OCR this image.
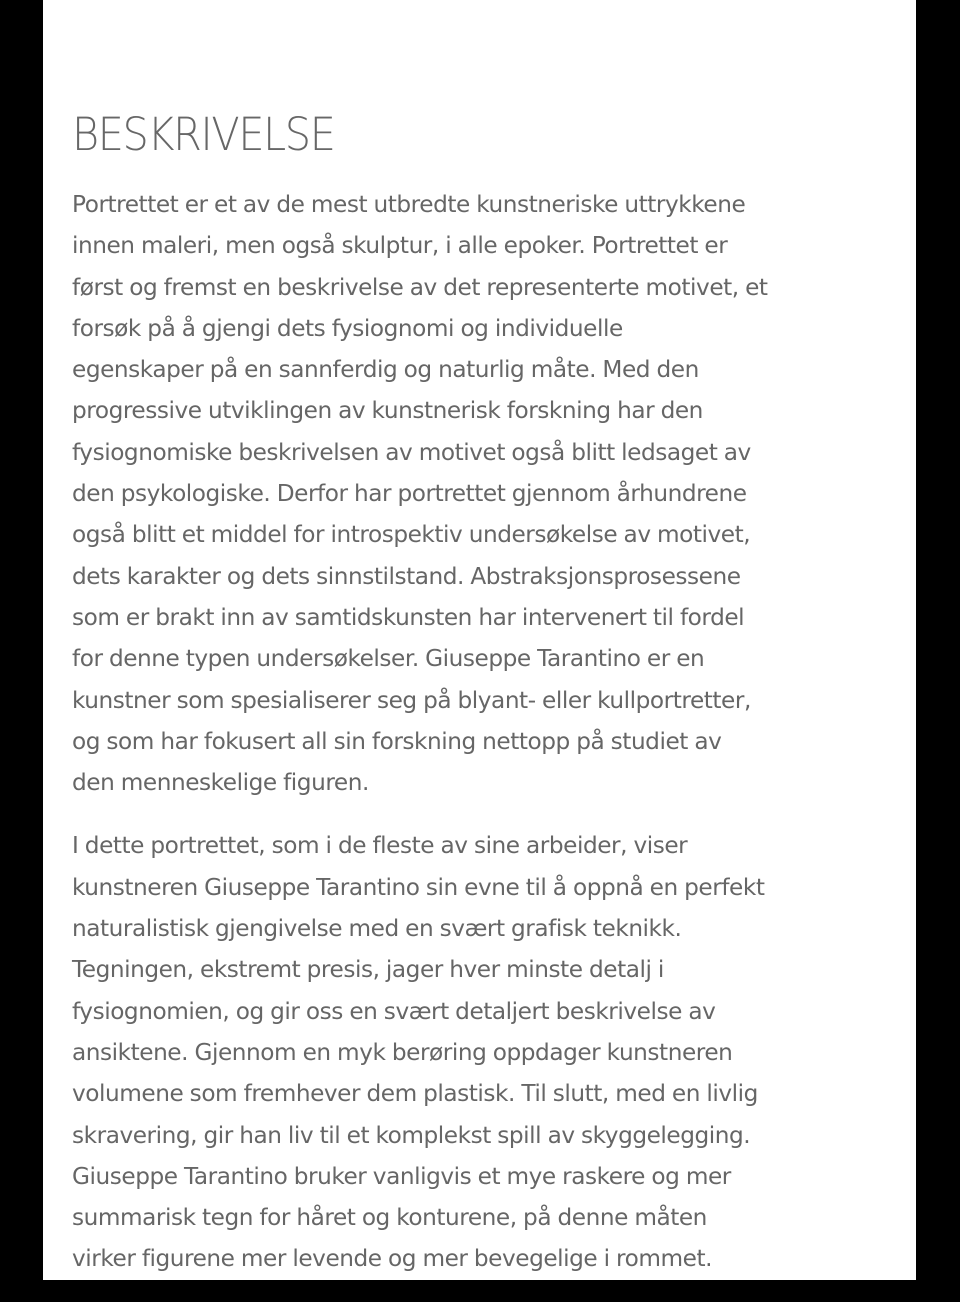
BESKRIVELSE

Portrettet er et av de mest utbredte kunstneriske uttrykkene
innen maleri, men også skulptur, i alle epoker. Portrettet er
først og fremst en beskrivelse av det representerte motivet, et
forsøk på å gjengi dets fysiognomi og individuelle
egenskaper på en sannferdig og naturlig måte. Med den
progressive utviklingen av kunstnerisk forskning har den
fysiognomiske beskrivelsen av motivet også blitt ledsaget av
den psykologiske. Derfor har portrettet gjennom århundrene
også blitt et middel for introspektiv undersøkelse av motivet,
dets karakter og dets sinnstilstand. Abstraksjonsprosessene
som er brakt inn av samtidskunsten har intervenert til fordel
for denne typen undersøkelser. Giuseppe Tarantino er en
kunstner som spesialiserer seg på blyant- eller kullportretter,
og som har fokusert all sin forskning nettopp på studiet av
den menneskelige figuren.

I dette portrettet, som i de fleste av sine arbeider, viser
kunstneren Giuseppe Tarantino sin evne til å oppnå en perfekt
naturalistisk gjengivelse med en svært grafisk teknikk.
Tegningen, ekstremt presis, jager hver minste detalj i
fysiognomien, og gir oss en svært detaljert beskrivelse av
ansiktene. Gjennom en myk berøring oppdager kunstneren
volumene som fremhever dem plastisk. Til slutt, med en livlig
skravering, gir han liv til et komplekst spill av skyggelegging.
Giuseppe Tarantino bruker vanligvis et mye raskere og mer
summarisk tegn for håret og konturene, på denne måten
virker figurene mer levende og mer bevegelige i rommet.
